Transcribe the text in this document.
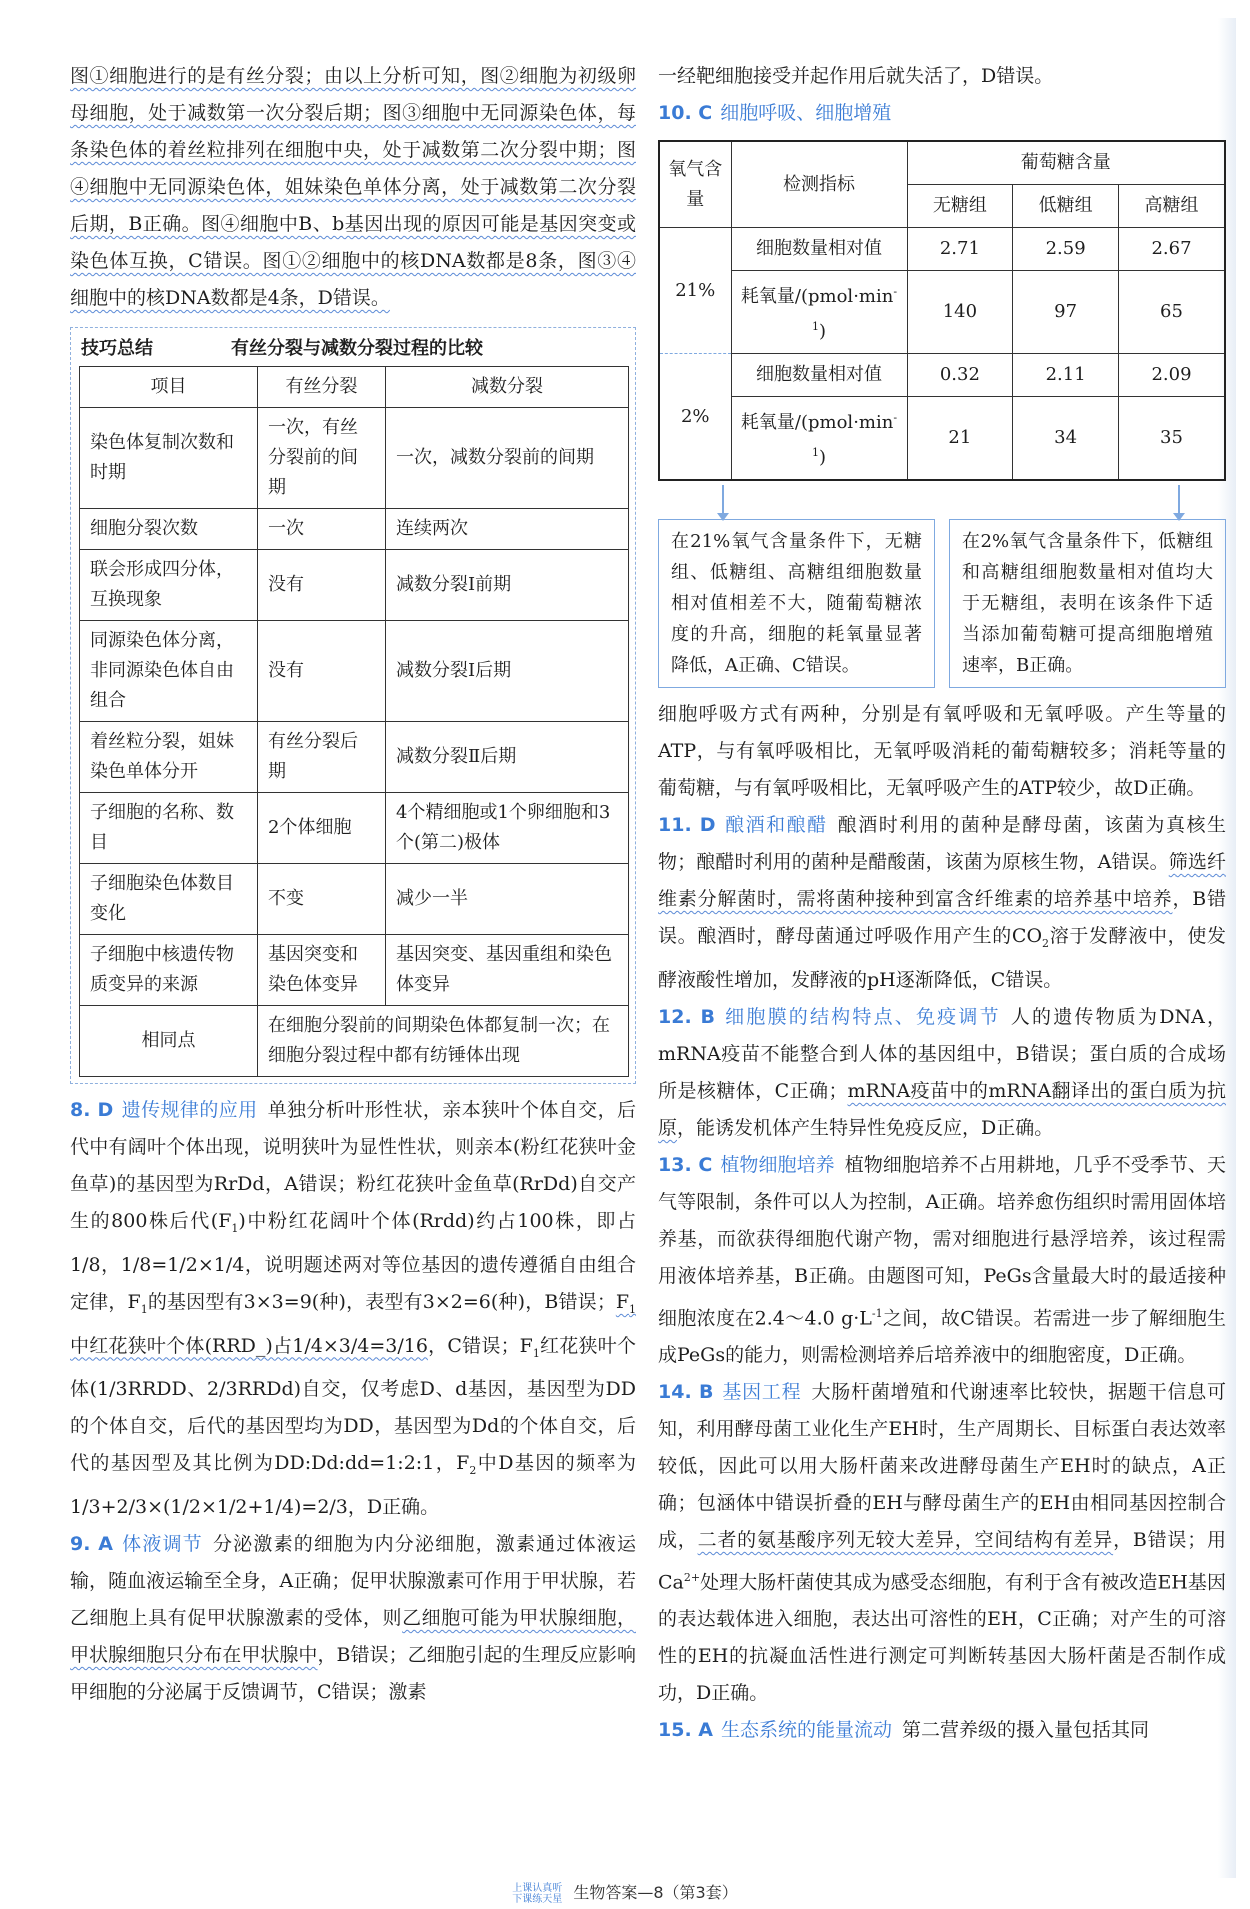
图①细胞进行的是有丝分裂；由以上分析可知，图②细胞为初级卵母细胞，处于减数第一次分裂后期；图③细胞中无同源染色体，每条染色体的着丝粒排列在细胞中央，处于减数第二次分裂中期；图④细胞中无同源染色体，姐妹染色单体分离，处于减数第二次分裂后期，B正确。图④细胞中B、b基因出现的原因可能是基因突变或染色体互换，C错误。图①②细胞中的核DNA数都是8条，图③④细胞中的核DNA数都是4条，D错误。

技巧总结	有丝分裂与减数分裂过程的比较
项目	有丝分裂	减数分裂
染色体复制次数和时期	一次，有丝分裂前的间期	一次，减数分裂前的间期
细胞分裂次数	一次	连续两次
联会形成四分体，互换现象	没有	减数分裂Ⅰ前期
同源染色体分离，非同源染色体自由组合	没有	减数分裂Ⅰ后期
着丝粒分裂，姐妹染色单体分开	有丝分裂后期	减数分裂Ⅱ后期
子细胞的名称、数目	2个体细胞	4个精细胞或1个卵细胞和3个(第二)极体
子细胞染色体数目变化	不变	减少一半
子细胞中核遗传物质变异的来源	基因突变和染色体变异	基因突变、基因重组和染色体变异
相同点	在细胞分裂前的间期染色体都复制一次；在细胞分裂过程中都有纺锤体出现	

8. D 遗传规律的应用 单独分析叶形性状，亲本狭叶个体自交，后代中有阔叶个体出现，说明狭叶为显性性状，则亲本(粉红花狭叶金鱼草)的基因型为RrDd，A错误；粉红花狭叶金鱼草(RrDd)自交产生的800株后代$(F_1)$中粉红花阔叶个体(Rrdd)约占100株，即占1/8，1/8=1/2×1/4，说明题述两对等位基因的遗传遵循自由组合定律，$F_1$的基因型有3×3=9(种)，表型有3×2=6(种)，B错误；$F_1$中红花狭叶个体(RRD_)占1/4×3/4=3/16，C错误；$F_1$红花狭叶个体(1/3RRDD、2/3RRDd)自交，仅考虑D、d基因，基因型为DD的个体自交，后代的基因型均为DD，基因型为Dd的个体自交，后代的基因型及其比例为DD:Dd:dd=1:2:1，$F_2$中D基因的频率为1/3+2/3×(1/2×1/2+1/4)=2/3，D正确。

9. A 体液调节 分泌激素的细胞为内分泌细胞，激素通过体液运输，随血液运输至全身，A正确；促甲状腺激素可作用于甲状腺，若乙细胞上具有促甲状腺激素的受体，则乙细胞可能为甲状腺细胞，甲状腺细胞只分布在甲状腺中，B错误；乙细胞引起的生理反应影响甲细胞的分泌属于反馈调节，C错误；激素

一经靶细胞接受并起作用后就失活了，D错误。

10. C 细胞呼吸、细胞增殖

氧气含量	检测指标	葡萄糖含量		
		无糖组	低糖组	高糖组
21%	细胞数量相对值	2.71	2.59	2.67
	耗氧量$/(pmol\cdot\min^{-1})$	140	97	65
2%	细胞数量相对值	0.32	2.11	2.09
	耗氧量$/(pmol\cdot\min^{-1})$	21	34	35
在21%氧气含量条件下，无糖组、低糖组、高糖组细胞数量相对值相差不大，随葡萄糖浓度的升高，细胞的耗氧量显著降低，A正确、C错误。
在2%氧气含量条件下，低糖组和高糖组细胞数量相对值均大于无糖组，表明在该条件下适当添加葡萄糖可提高细胞增殖速率，B正确。

细胞呼吸方式有两种，分别是有氧呼吸和无氧呼吸。产生等量的ATP，与有氧呼吸相比，无氧呼吸消耗的葡萄糖较多；消耗等量的葡萄糖，与有氧呼吸相比，无氧呼吸产生的ATP较少，故D正确。

11. D 酿酒和酿醋 酿酒时利用的菌种是酵母菌，该菌为真核生物；酿醋时利用的菌种是醋酸菌，该菌为原核生物，A错误。筛选纤维素分解菌时，需将菌种接种到富含纤维素的培养基中培养，B错误。酿酒时，酵母菌通过呼吸作用产生的$CO_2$溶于发酵液中，使发酵液酸性增加，发酵液的pH逐渐降低，C错误。

12. B 细胞膜的结构特点、免疫调节 人的遗传物质为DNA，mRNA疫苗不能整合到人体的基因组中，B错误；蛋白质的合成场所是核糖体，C正确；mRNA疫苗中的mRNA翻译出的蛋白质为抗原，能诱发机体产生特异性免疫反应，D正确。

13. C 植物细胞培养 植物细胞培养不占用耕地，几乎不受季节、天气等限制，条件可以人为控制，A正确。培养愈伤组织时需用固体培养基，而欲获得细胞代谢产物，需对细胞进行悬浮培养，该过程需用液体培养基，B正确。由题图可知，PeGs含量最大时的最适接种细胞浓度在2.4～4.0 $g\cdot L^{-1}$之间，故C错误。若需进一步了解细胞生成PeGs的能力，则需检测培养后培养液中的细胞密度，D正确。

14. B 基因工程 大肠杆菌增殖和代谢速率比较快，据题干信息可知，利用酵母菌工业化生产EH时，生产周期长、目标蛋白表达效率较低，因此可以用大肠杆菌来改进酵母菌生产EH时的缺点，A正确；包涵体中错误折叠的EH与酵母菌生产的EH由相同基因控制合成，二者的氨基酸序列无较大差异，空间结构有差异，B错误；用$Ca^{2+}$处理大肠杆菌使其成为感受态细胞，有利于含有被改造EH基因的表达载体进入细胞，表达出可溶性的EH，C正确；对产生的可溶性的EH的抗凝血活性进行测定可判断转基因大肠杆菌是否制作成功，D正确。

15. A 生态系统的能量流动 第二营养级的摄入量包括其同

上课认真听
下课练天星 生物答案—8（第3套）
